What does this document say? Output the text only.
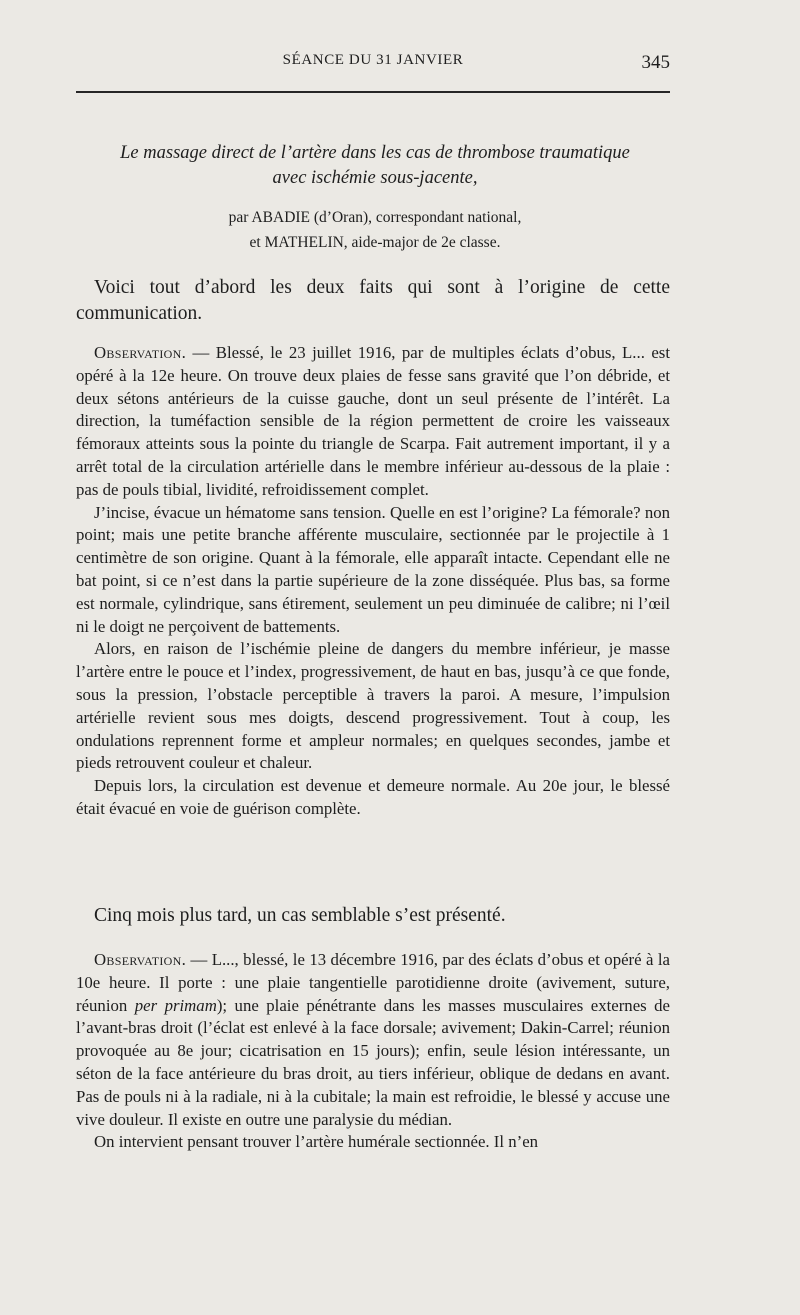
SÉANCE DU 31 JANVIER	345
Le massage direct de l’artère dans les cas de thrombose traumatique
avec ischémie sous-jacente,
par ABADIE (d’Oran), correspondant national,
et MATHELIN, aide-major de 2e classe.

Voici tout d’abord les deux faits qui sont à l’origine de cette communication.

Observation. — Blessé, le 23 juillet 1916, par de multiples éclats d’obus, L... est opéré à la 12e heure. On trouve deux plaies de fesse sans gravité que l’on débride, et deux sétons antérieurs de la cuisse gauche, dont un seul présente de l’intérêt. La direction, la tuméfaction sensible de la région permettent de croire les vaisseaux fémoraux atteints sous la pointe du triangle de Scarpa. Fait autrement important, il y a arrêt total de la circulation artérielle dans le membre inférieur au-dessous de la plaie : pas de pouls tibial, lividité, refroidissement complet.

J’incise, évacue un hématome sans tension. Quelle en est l’origine? La fémorale? non point; mais une petite branche afférente musculaire, sectionnée par le projectile à 1 centimètre de son origine. Quant à la fémorale, elle apparaît intacte. Cependant elle ne bat point, si ce n’est dans la partie supérieure de la zone disséquée. Plus bas, sa forme est normale, cylindrique, sans étirement, seulement un peu diminuée de calibre; ni l’œil ni le doigt ne perçoivent de battements.

Alors, en raison de l’ischémie pleine de dangers du membre inférieur, je masse l’artère entre le pouce et l’index, progressivement, de haut en bas, jusqu’à ce que fonde, sous la pression, l’obstacle perceptible à travers la paroi. A mesure, l’impulsion artérielle revient sous mes doigts, descend progressivement. Tout à coup, les ondulations reprennent forme et ampleur normales; en quelques secondes, jambe et pieds retrouvent couleur et chaleur.

Depuis lors, la circulation est devenue et demeure normale. Au 20e jour, le blessé était évacué en voie de guérison complète.

Cinq mois plus tard, un cas semblable s’est présenté.

Observation. — L..., blessé, le 13 décembre 1916, par des éclats d’obus et opéré à la 10e heure. Il porte : une plaie tangentielle parotidienne droite (avivement, suture, réunion per primam); une plaie pénétrante dans les masses musculaires externes de l’avant-bras droit (l’éclat est enlevé à la face dorsale; avivement; Dakin-Carrel; réunion provoquée au 8e jour; cicatrisation en 15 jours); enfin, seule lésion intéressante, un séton de la face antérieure du bras droit, au tiers inférieur, oblique de dedans en avant. Pas de pouls ni à la radiale, ni à la cubitale; la main est refroidie, le blessé y accuse une vive douleur. Il existe en outre une paralysie du médian.

On intervient pensant trouver l’artère humérale sectionnée. Il n’en
